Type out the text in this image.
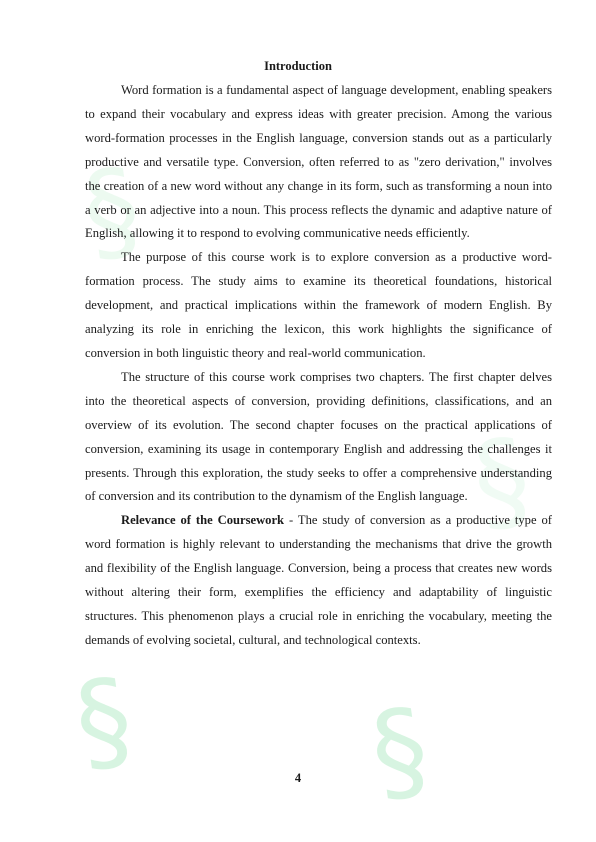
§
§
§ §
Introduction

Word formation is a fundamental aspect of language development, enabling speakers to expand their vocabulary and express ideas with greater precision. Among the various word-formation processes in the English language, conversion stands out as a particularly productive and versatile type. Conversion, often referred to as "zero derivation," involves the creation of a new word without any change in its form, such as transforming a noun into a verb or an adjective into a noun. This process reflects the dynamic and adaptive nature of English, allowing it to respond to evolving communicative needs efficiently.

The purpose of this course work is to explore conversion as a productive word-formation process. The study aims to examine its theoretical foundations, historical development, and practical implications within the framework of modern English. By analyzing its role in enriching the lexicon, this work highlights the significance of conversion in both linguistic theory and real-world communication.

The structure of this course work comprises two chapters. The first chapter delves into the theoretical aspects of conversion, providing definitions, classifications, and an overview of its evolution. The second chapter focuses on the practical applications of conversion, examining its usage in contemporary English and addressing the challenges it presents. Through this exploration, the study seeks to offer a comprehensive understanding of conversion and its contribution to the dynamism of the English language.

Relevance of the Coursework - The study of conversion as a productive type of word formation is highly relevant to understanding the mechanisms that drive the growth and flexibility of the English language. Conversion, being a process that creates new words without altering their form, exemplifies the efficiency and adaptability of linguistic structures. This phenomenon plays a crucial role in enriching the vocabulary, meeting the demands of evolving societal, cultural, and technological contexts.

4
